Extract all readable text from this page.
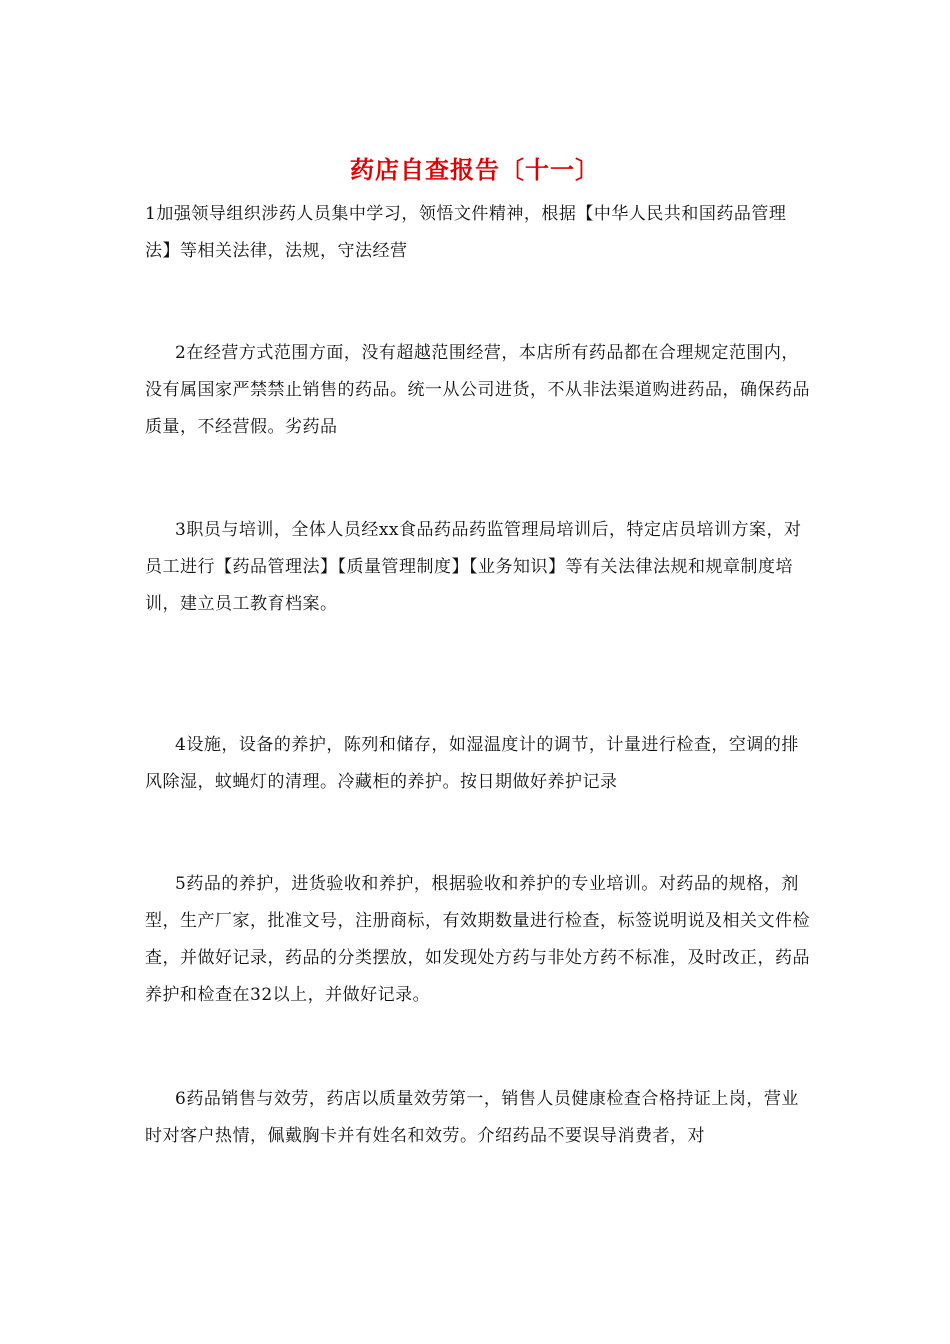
药店自查报告〔十一〕

1加强领导组织涉药人员集中学习，领悟文件精神，根据【中华人民共和国药品管理法】等相关法律，法规，守法经营

2在经营方式范围方面，没有超越范围经营，本店所有药品都在合理规定范围内，没有属国家严禁禁止销售的药品。统一从公司进货，不从非法渠道购进药品，确保药品质量，不经营假。劣药品

3职员与培训，全体人员经xx食品药品药监管理局培训后，特定店员培训方案，对员工进行【药品管理法】【质量管理制度】【业务知识】等有关法律法规和规章制度培训，建立员工教育档案。

4设施，设备的养护，陈列和储存，如湿温度计的调节，计量进行检查，空调的排风除湿，蚊蝇灯的清理。冷藏柜的养护。按日期做好养护记录

5药品的养护，进货验收和养护，根据验收和养护的专业培训。对药品的规格，剂型，生产厂家，批准文号，注册商标，有效期数量进行检查，标签说明说及相关文件检查，并做好记录，药品的分类摆放，如发现处方药与非处方药不标准，及时改正，药品养护和检查在32以上，并做好记录。

6药品销售与效劳，药店以质量效劳第一，销售人员健康检查合格持证上岗，营业时对客户热情，佩戴胸卡并有姓名和效劳。介绍药品不要误导消费者，对
